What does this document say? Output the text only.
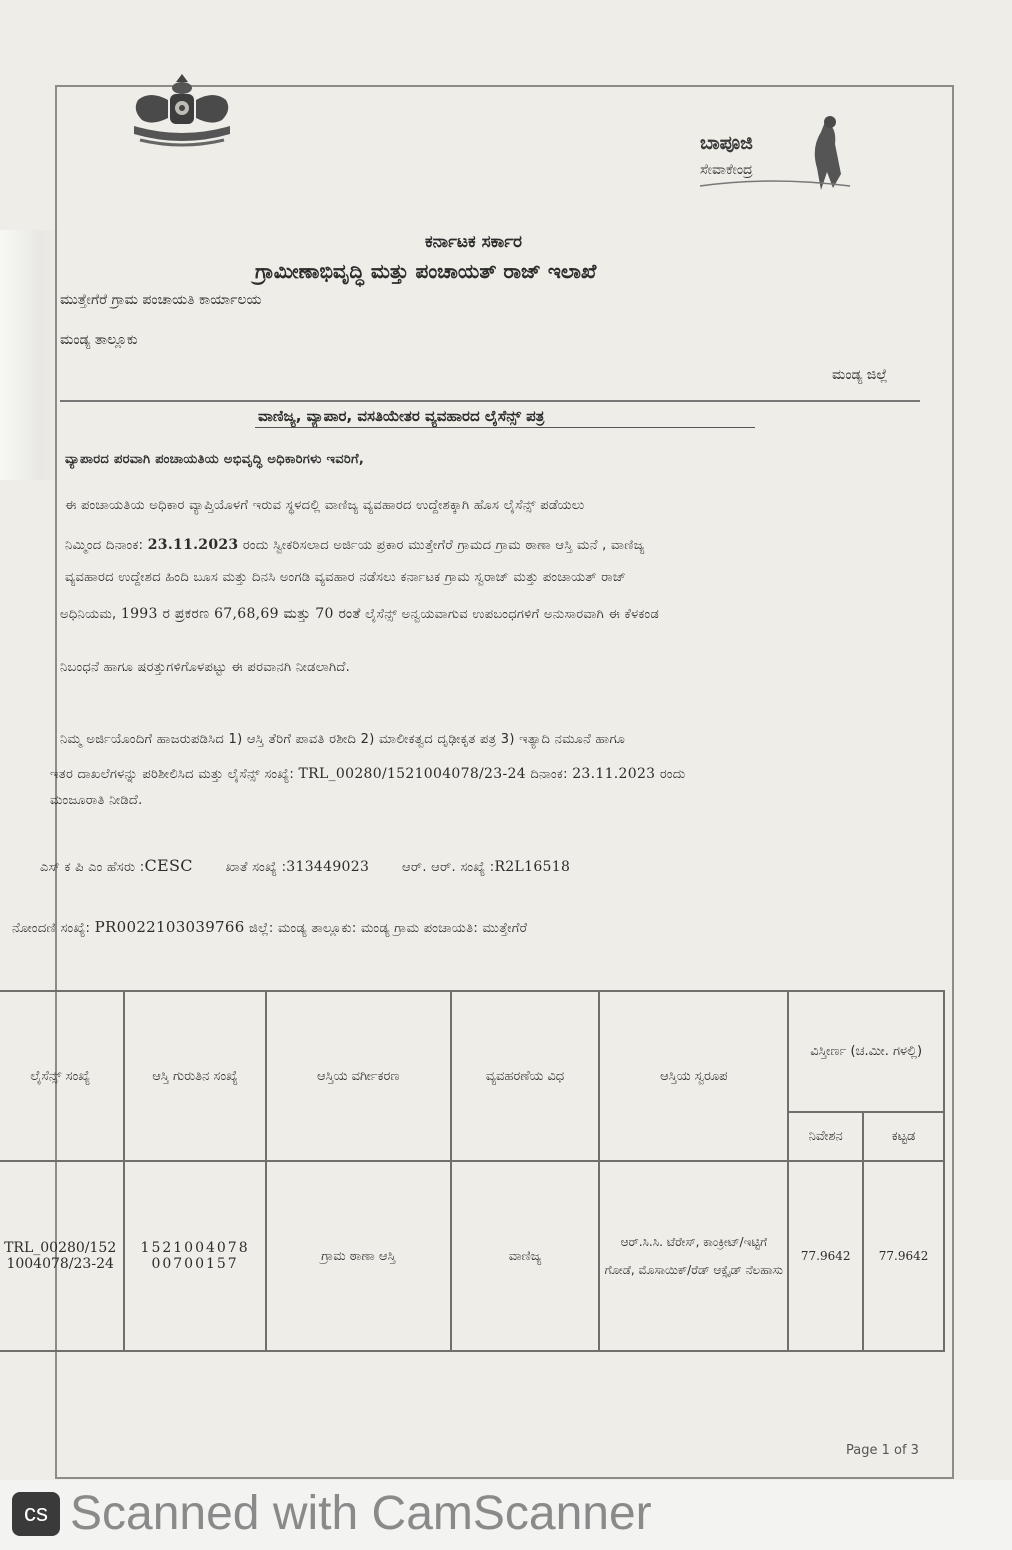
ಬಾಪೂಜಿ
ಸೇವಾಕೇಂದ್ರ
ಕರ್ನಾಟಕ ಸರ್ಕಾರ
ಗ್ರಾಮೀಣಾಭಿವೃದ್ಧಿ ಮತ್ತು ಪಂಚಾಯತ್ ರಾಜ್ ಇಲಾಖೆ
ಮುತ್ತೇಗೆರೆ ಗ್ರಾಮ ಪಂಚಾಯತಿ ಕಾರ್ಯಾಲಯ
ಮಂಡ್ಯ ತಾಲ್ಲೂಕು
ಮಂಡ್ಯ ಜಿಲ್ಲೆ
ವಾಣಿಜ್ಯ, ವ್ಯಾಪಾರ, ವಸತಿಯೇತರ ವ್ಯವಹಾರದ ಲೈಸೆನ್ಸ್ ಪತ್ರ
ವ್ಯಾಪಾರದ ಪರವಾಗಿ ಪಂಚಾಯತಿಯ ಅಭಿವೃದ್ಧಿ ಅಧಿಕಾರಿಗಳು ಇವರಿಗೆ,
ಈ ಪಂಚಾಯತಿಯ ಅಧಿಕಾರ ವ್ಯಾಪ್ತಿಯೊಳಗೆ ಇರುವ ಸ್ಥಳದಲ್ಲಿ ವಾಣಿಜ್ಯ ವ್ಯವಹಾರದ ಉದ್ದೇಶಕ್ಕಾಗಿ ಹೊಸ ಲೈಸೆನ್ಸ್ ಪಡೆಯಲು
ನಿಮ್ಮಿಂದ ದಿನಾಂಕ: 23.11.2023 ರಂದು ಸ್ವೀಕರಿಸಲಾದ ಅರ್ಜಿಯ ಪ್ರಕಾರ ಮುತ್ತೇಗೆರೆ ಗ್ರಾಮದ ಗ್ರಾಮ ಠಾಣಾ ಆಸ್ತಿ ಮನೆ , ವಾಣಿಜ್ಯ
ವ್ಯವಹಾರದ ಉದ್ದೇಶದ ಹಿಂದಿ ಬೂಸ ಮತ್ತು ದಿನಸಿ ಅಂಗಡಿ ವ್ಯವಹಾರ ನಡೆಸಲು ಕರ್ನಾಟಕ ಗ್ರಾಮ ಸ್ವರಾಜ್ ಮತ್ತು ಪಂಚಾಯತ್ ರಾಜ್
ಅಧಿನಿಯಮ, 1993 ರ ಪ್ರಕರಣ 67,68,69 ಮತ್ತು 70 ರಂತೆ ಲೈಸೆನ್ಸ್ ಅನ್ವಯವಾಗುವ ಉಪಬಂಧಗಳಿಗೆ ಅನುಸಾರವಾಗಿ ಈ ಕೆಳಕಂಡ
ನಿಬಂಧನೆ ಹಾಗೂ ಷರತ್ತುಗಳಿಗೊಳಪಟ್ಟು ಈ ಪರವಾನಗಿ ನೀಡಲಾಗಿದೆ.
ನಿಮ್ಮ ಅರ್ಜಿಯೊಂದಿಗೆ ಹಾಜರುಪಡಿಸಿದ 1) ಆಸ್ತಿ ತೆರಿಗೆ ಪಾವತಿ ರಶೀದಿ 2) ಮಾಲೀಕತ್ವದ ದೃಢೀಕೃತ ಪತ್ರ 3) ಇತ್ಯಾದಿ ನಮೂನೆ ಹಾಗೂ
ಇತರ ದಾಖಲೆಗಳನ್ನು ಪರಿಶೀಲಿಸಿದ ಮತ್ತು ಲೈಸೆನ್ಸ್ ಸಂಖ್ಯೆ: TRL_00280/1521004078/23-24 ದಿನಾಂಕ: 23.11.2023 ರಂದು
ಮಂಜೂರಾತಿ ನೀಡಿದೆ.
ಎಸ್ ಕ ಪಿ ಎಂ ಹೆಸರು :CESC	ಖಾತೆ ಸಂಖ್ಯೆ :313449023	ಆರ್. ಆರ್. ಸಂಖ್ಯೆ :R2L16518
ನೋಂದಣಿ ಸಂಖ್ಯೆ: PR0022103039766 ಜಿಲ್ಲೆ: ಮಂಡ್ಯ ತಾಲ್ಲೂಕು: ಮಂಡ್ಯ ಗ್ರಾಮ ಪಂಚಾಯತಿ: ಮುತ್ತೇಗೆರೆ
ಲೈಸೆನ್ಸ್ ಸಂಖ್ಯೆ	ಆಸ್ತಿ ಗುರುತಿನ ಸಂಖ್ಯೆ	ಆಸ್ತಿಯ ವರ್ಗೀಕರಣ	ವ್ಯವಹರಣೆಯ ವಿಧ	ಆಸ್ತಿಯ ಸ್ವರೂಪ	ವಿಸ್ತೀರ್ಣ (ಚ.ಮೀ. ಗಳಲ್ಲಿ)	
					ನಿವೇಶನ	ಕಟ್ಟಡ
TRL_00280/1521004078/23-24	1521004078 00700157	ಗ್ರಾಮ ಠಾಣಾ ಆಸ್ತಿ	ವಾಣಿಜ್ಯ	ಆರ್.ಸಿ.ಸಿ. ಟೆರೇಸ್, ಕಾಂಕ್ರೀಟ್/ಇಟ್ಟಿಗೆ ಗೋಡೆ, ಮೊಸಾಯಿಕ್/ರೆಡ್ ಆಕ್ಸೈಡ್ ನೆಲಹಾಸು	77.9642	77.9642
Page 1 of 3
cs Scanned with CamScanner
